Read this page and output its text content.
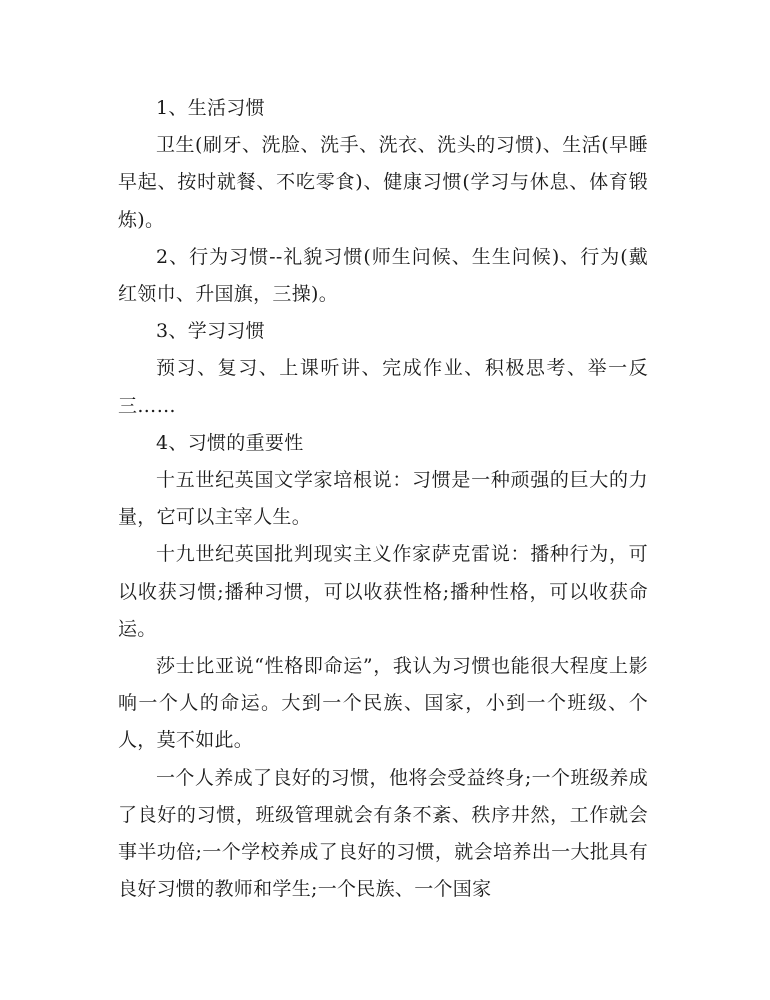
1、生活习惯

卫生(刷牙、洗脸、洗手、洗衣、洗头的习惯)、生活(早睡早起、按时就餐、不吃零食)、健康习惯(学习与休息、体育锻炼)。

2、行为习惯--礼貌习惯(师生问候、生生问候)、行为(戴红领巾、升国旗，三操)。

3、学习习惯

预习、复习、上课听讲、完成作业、积极思考、举一反三……

4、习惯的重要性

十五世纪英国文学家培根说：习惯是一种顽强的巨大的力量，它可以主宰人生。

十九世纪英国批判现实主义作家萨克雷说：播种行为，可以收获习惯;播种习惯，可以收获性格;播种性格，可以收获命运。

莎士比亚说“性格即命运”，我认为习惯也能很大程度上影响一个人的命运。大到一个民族、国家，小到一个班级、个人，莫不如此。

一个人养成了良好的习惯，他将会受益终身;一个班级养成了良好的习惯，班级管理就会有条不紊、秩序井然，工作就会事半功倍;一个学校养成了良好的习惯，就会培养出一大批具有良好习惯的教师和学生;一个民族、一个国家
